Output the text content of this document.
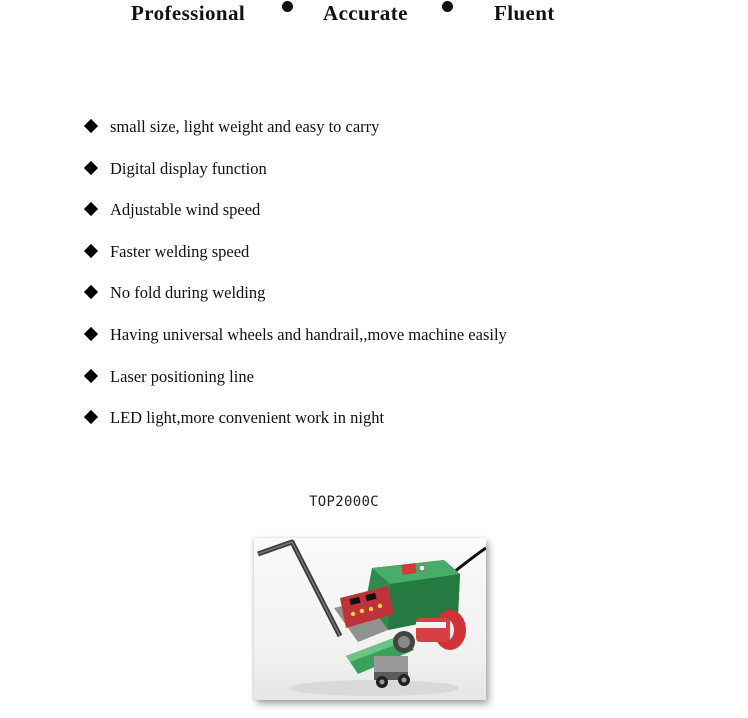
Professional	Accurate	Fluent
small size, light weight and easy to carry
Digital display function
Adjustable wind speed
Faster welding speed
No fold during welding
Having universal wheels and handrail,,move machine easily
Laser positioning line
LED light,more convenient work in night
TOP2000C
